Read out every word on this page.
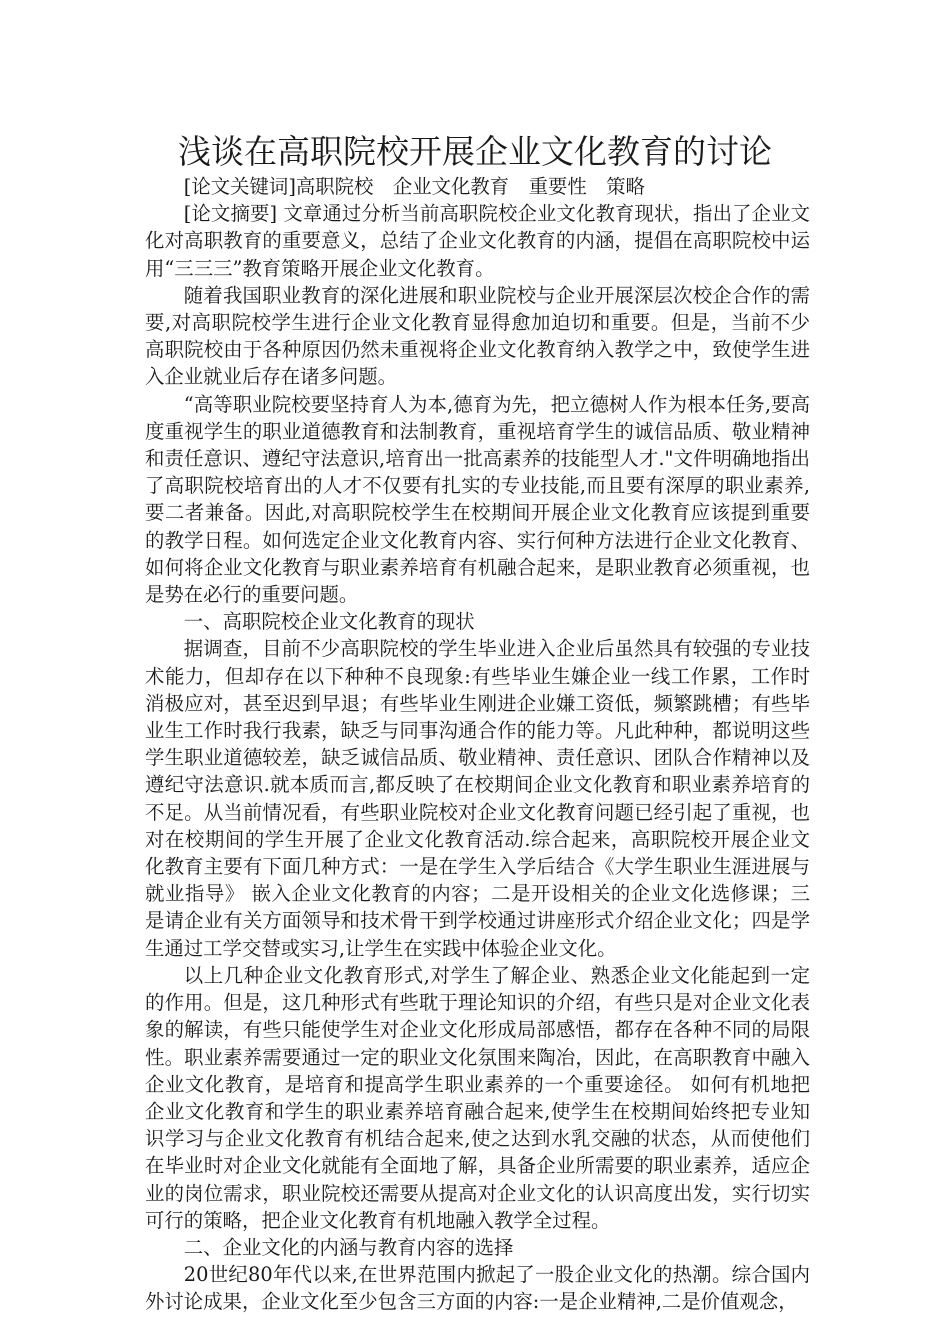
浅谈在高职院校开展企业文化教育的讨论

[论文关键词]高职院校　企业文化教育　重要性　策略

[论文摘要] 文章通过分析当前高职院校企业文化教育现状，指出了企业文化对高职教育的重要意义，总结了企业文化教育的内涵，提倡在高职院校中运用“三三三”教育策略开展企业文化教育。

随着我国职业教育的深化进展和职业院校与企业开展深层次校企合作的需要,对高职院校学生进行企业文化教育显得愈加迫切和重要。但是，当前不少高职院校由于各种原因仍然未重视将企业文化教育纳入教学之中，致使学生进入企业就业后存在诸多问题。

“高等职业院校要坚持育人为本,德育为先，把立德树人作为根本任务,要高度重视学生的职业道德教育和法制教育，重视培育学生的诚信品质、敬业精神和责任意识、遵纪守法意识,培育出一批高素养的技能型人才."文件明确地指出了高职院校培育出的人才不仅要有扎实的专业技能,而且要有深厚的职业素养,要二者兼备。因此,对高职院校学生在校期间开展企业文化教育应该提到重要的教学日程。如何选定企业文化教育内容、实行何种方法进行企业文化教育、如何将企业文化教育与职业素养培育有机融合起来，是职业教育必须重视，也是势在必行的重要问题。

一、高职院校企业文化教育的现状

据调查，目前不少高职院校的学生毕业进入企业后虽然具有较强的专业技术能力，但却存在以下种种不良现象:有些毕业生嫌企业一线工作累，工作时消极应对，甚至迟到早退；有些毕业生刚进企业嫌工资低，频繁跳槽；有些毕业生工作时我行我素，缺乏与同事沟通合作的能力等。凡此种种，都说明这些学生职业道德较差，缺乏诚信品质、敬业精神、责任意识、团队合作精神以及遵纪守法意识.就本质而言,都反映了在校期间企业文化教育和职业素养培育的不足。从当前情况看，有些职业院校对企业文化教育问题已经引起了重视，也对在校期间的学生开展了企业文化教育活动.综合起来，高职院校开展企业文化教育主要有下面几种方式：一是在学生入学后结合《大学生职业生涯进展与就业指导》 嵌入企业文化教育的内容；二是开设相关的企业文化选修课；三是请企业有关方面领导和技术骨干到学校通过讲座形式介绍企业文化；四是学生通过工学交替或实习,让学生在实践中体验企业文化。

以上几种企业文化教育形式,对学生了解企业、熟悉企业文化能起到一定的作用。但是，这几种形式有些耽于理论知识的介绍，有些只是对企业文化表象的解读，有些只能使学生对企业文化形成局部感悟，都存在各种不同的局限性。职业素养需要通过一定的职业文化氛围来陶冶，因此，在高职教育中融入企业文化教育，是培育和提高学生职业素养的一个重要途径。 如何有机地把企业文化教育和学生的职业素养培育融合起来,使学生在校期间始终把专业知识学习与企业文化教育有机结合起来,使之达到水乳交融的状态，从而使他们在毕业时对企业文化就能有全面地了解，具备企业所需要的职业素养，适应企业的岗位需求，职业院校还需要从提高对企业文化的认识高度出发，实行切实可行的策略，把企业文化教育有机地融入教学全过程。

二、企业文化的内涵与教育内容的选择

20世纪80年代以来,在世界范围内掀起了一股企业文化的热潮。综合国内外讨论成果，企业文化至少包含三方面的内容:一是企业精神,二是价值观念，
